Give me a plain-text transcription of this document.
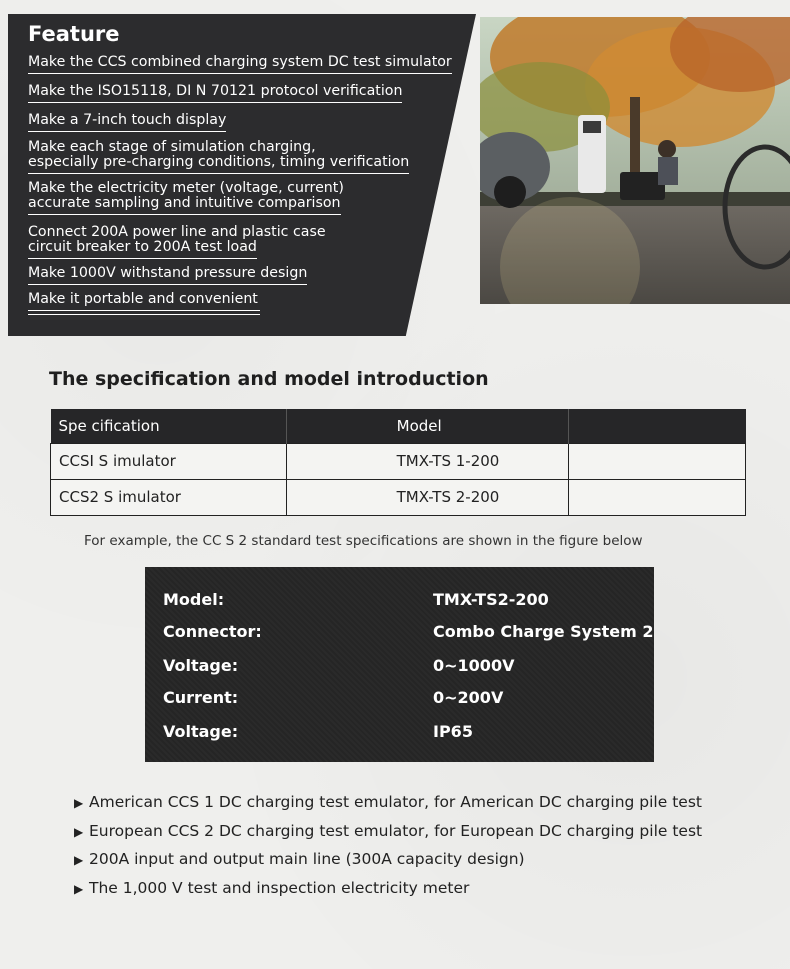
Feature
Make the CCS combined charging system DC test simulator
Make the ISO15118, DI N 70121 protocol verification
Make a 7-inch touch display
Make each stage of simulation charging,
especially pre-charging conditions, timing verification
Make the electricity meter (voltage, current)
accurate sampling and intuitive comparison
Connect 200A power line and plastic case
circuit breaker to 200A test load
Make 1000V withstand pressure design
Make it portable and convenient
The specification and model introduction
Spe cification	Model	
CCSI S imulator	TMX-TS 1-200	
CCS2 S imulator	TMX-TS 2-200	
For example, the CC S 2 standard test specifications are shown in the figure below
Model:	TMX-TS2-200
Connector:	Combo Charge System 2
Voltage:	0~1000V
Current:	0~200V
Voltage:	IP65
▶ American CCS 1 DC charging test emulator, for American DC charging pile test
▶ European CCS 2 DC charging test emulator, for European DC charging pile test
▶ 200A input and output main line (300A capacity design)
▶ The 1,000 V test and inspection electricity meter
